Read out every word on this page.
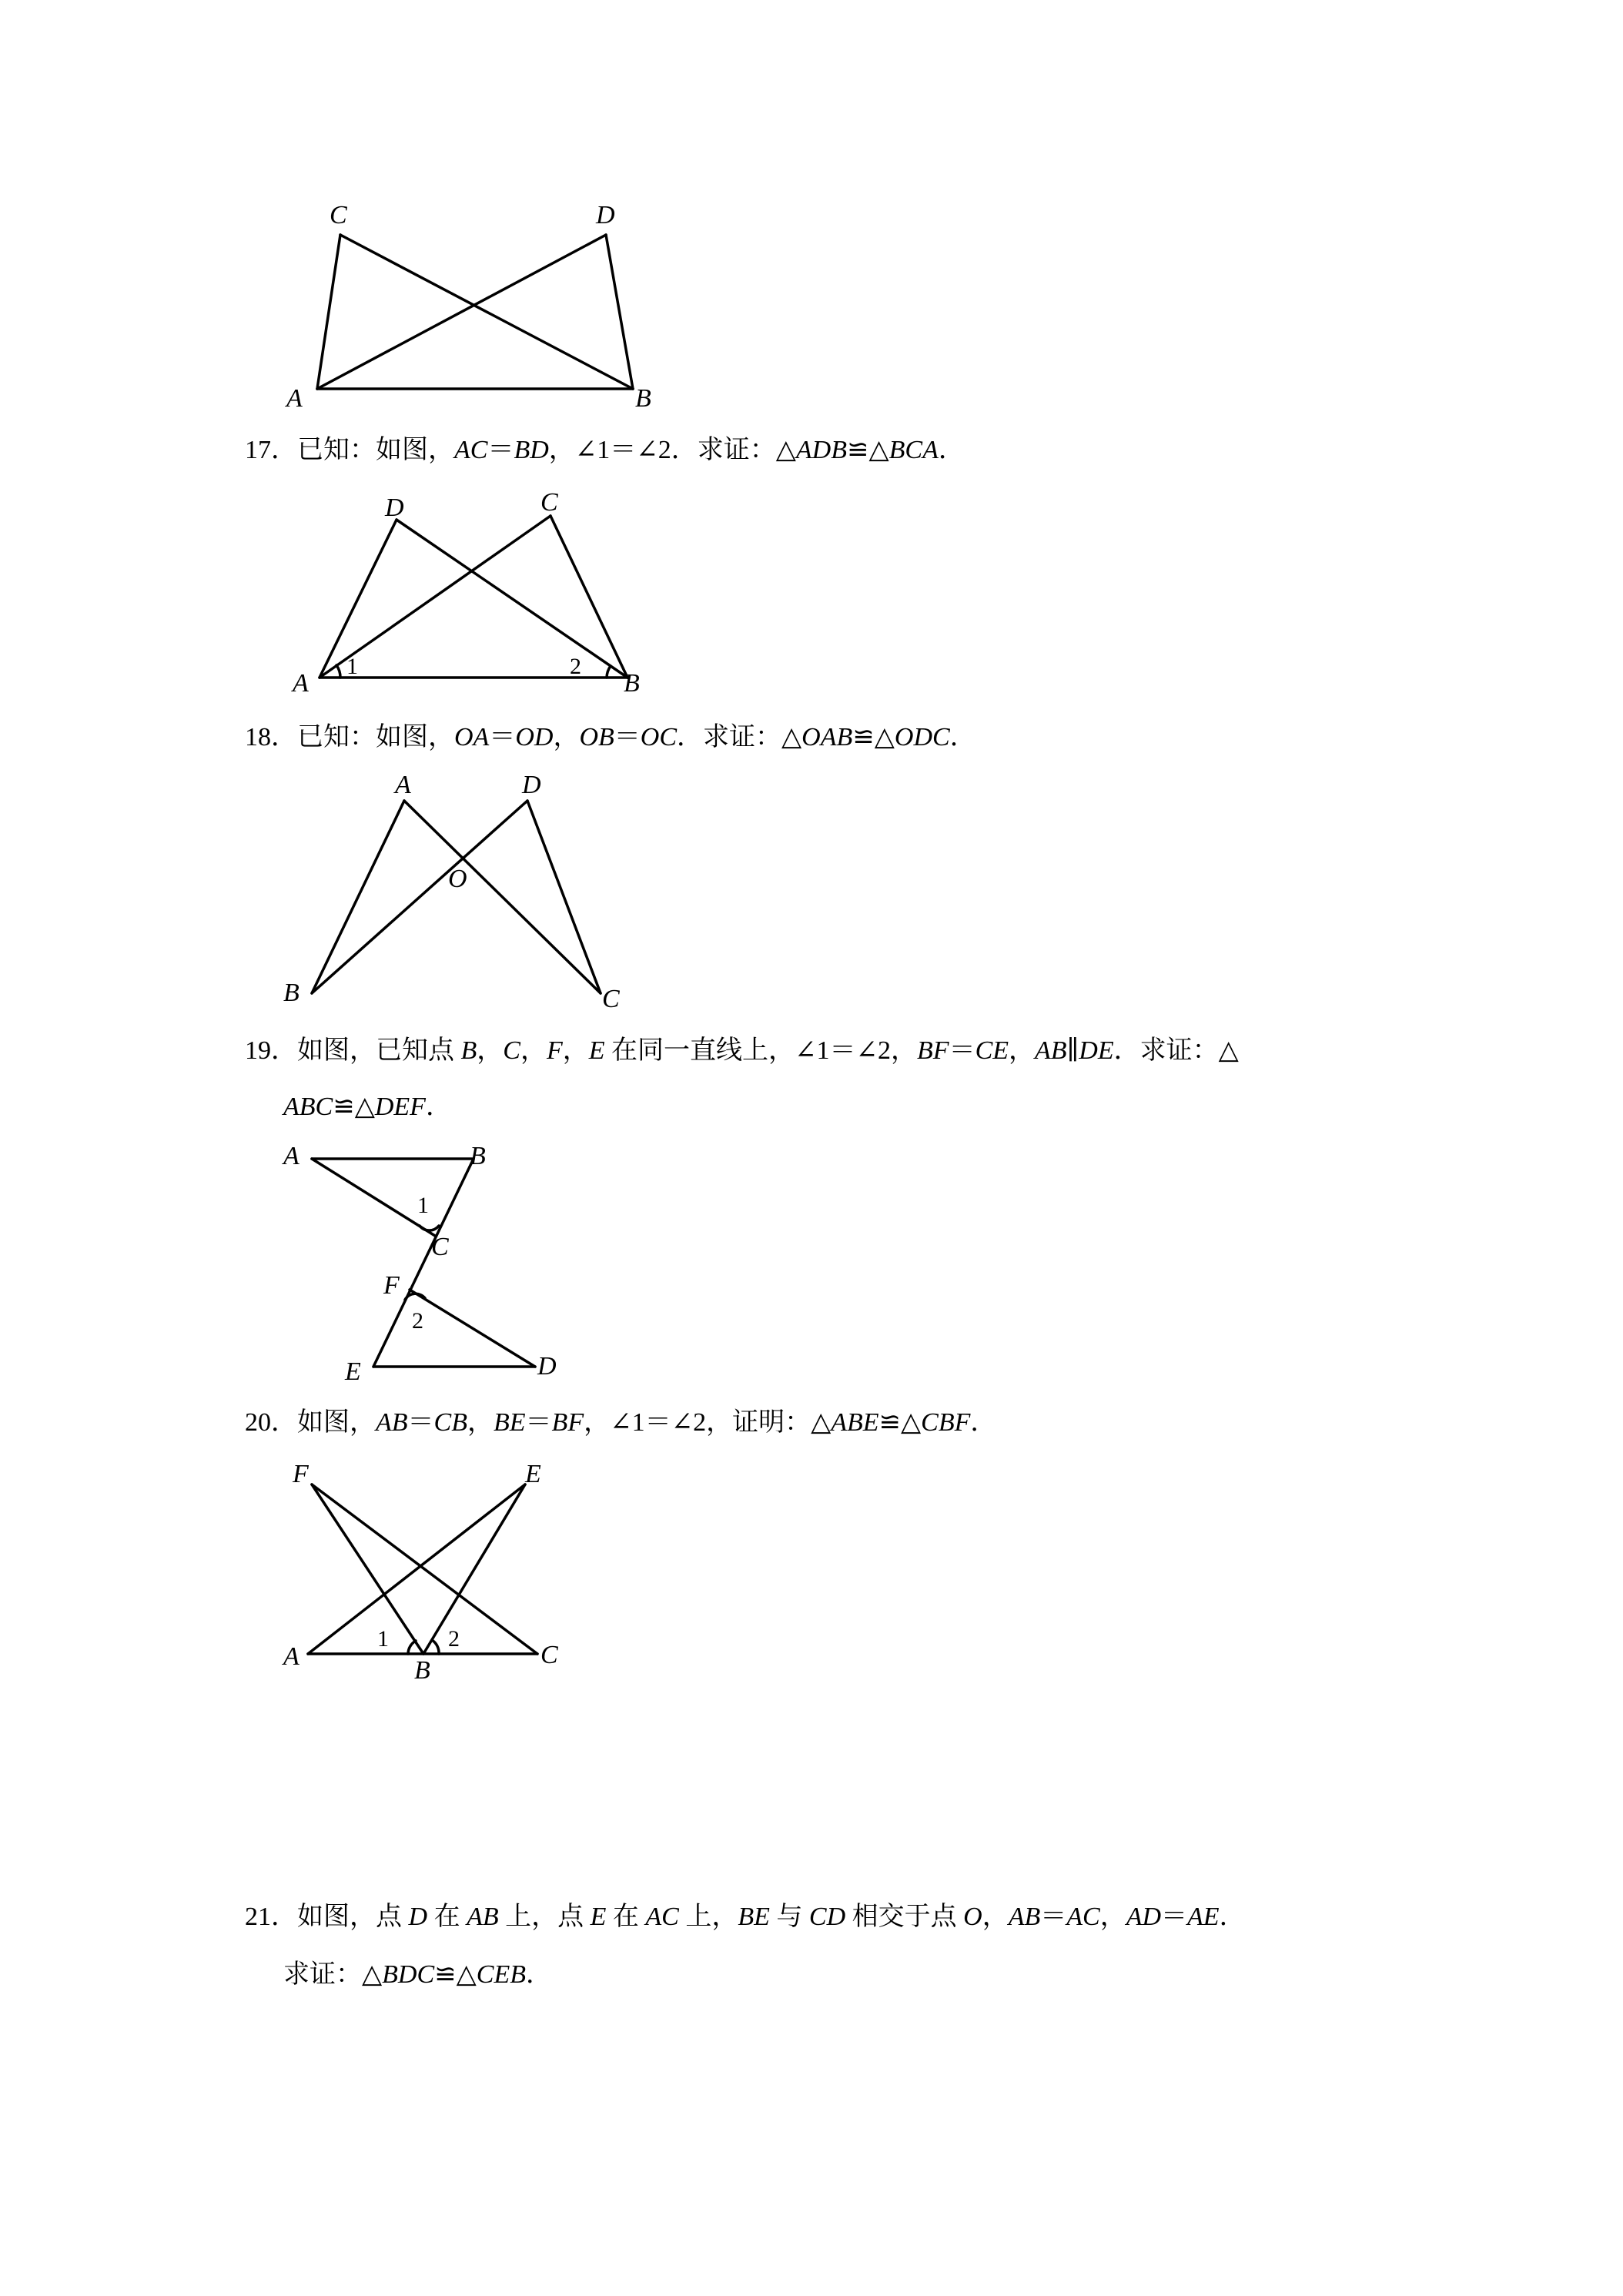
C	D
A	B
17．已知：如图，AC＝BD，∠1＝∠2．求证：△ADB≌△BCA．
D	C
A	B
1	2
18．已知：如图，OA＝OD，OB＝OC．求证：△OAB≌△ODC．
A	D
O
B	C
19．如图，已知点 B，C，F，E 在同一直线上，∠1＝∠2，BF＝CE，AB∥DE．求证：△
ABC≌△DEF．
A	B
1
C
F
2
E	D
20．如图，AB＝CB，BE＝BF，∠1＝∠2，证明：△ABE≌△CBF．
F	E
A
1	2
B
C
21．如图，点 D 在 AB 上，点 E 在 AC 上，BE 与 CD 相交于点 O，AB＝AC，AD＝AE．
求证：△BDC≌△CEB．
